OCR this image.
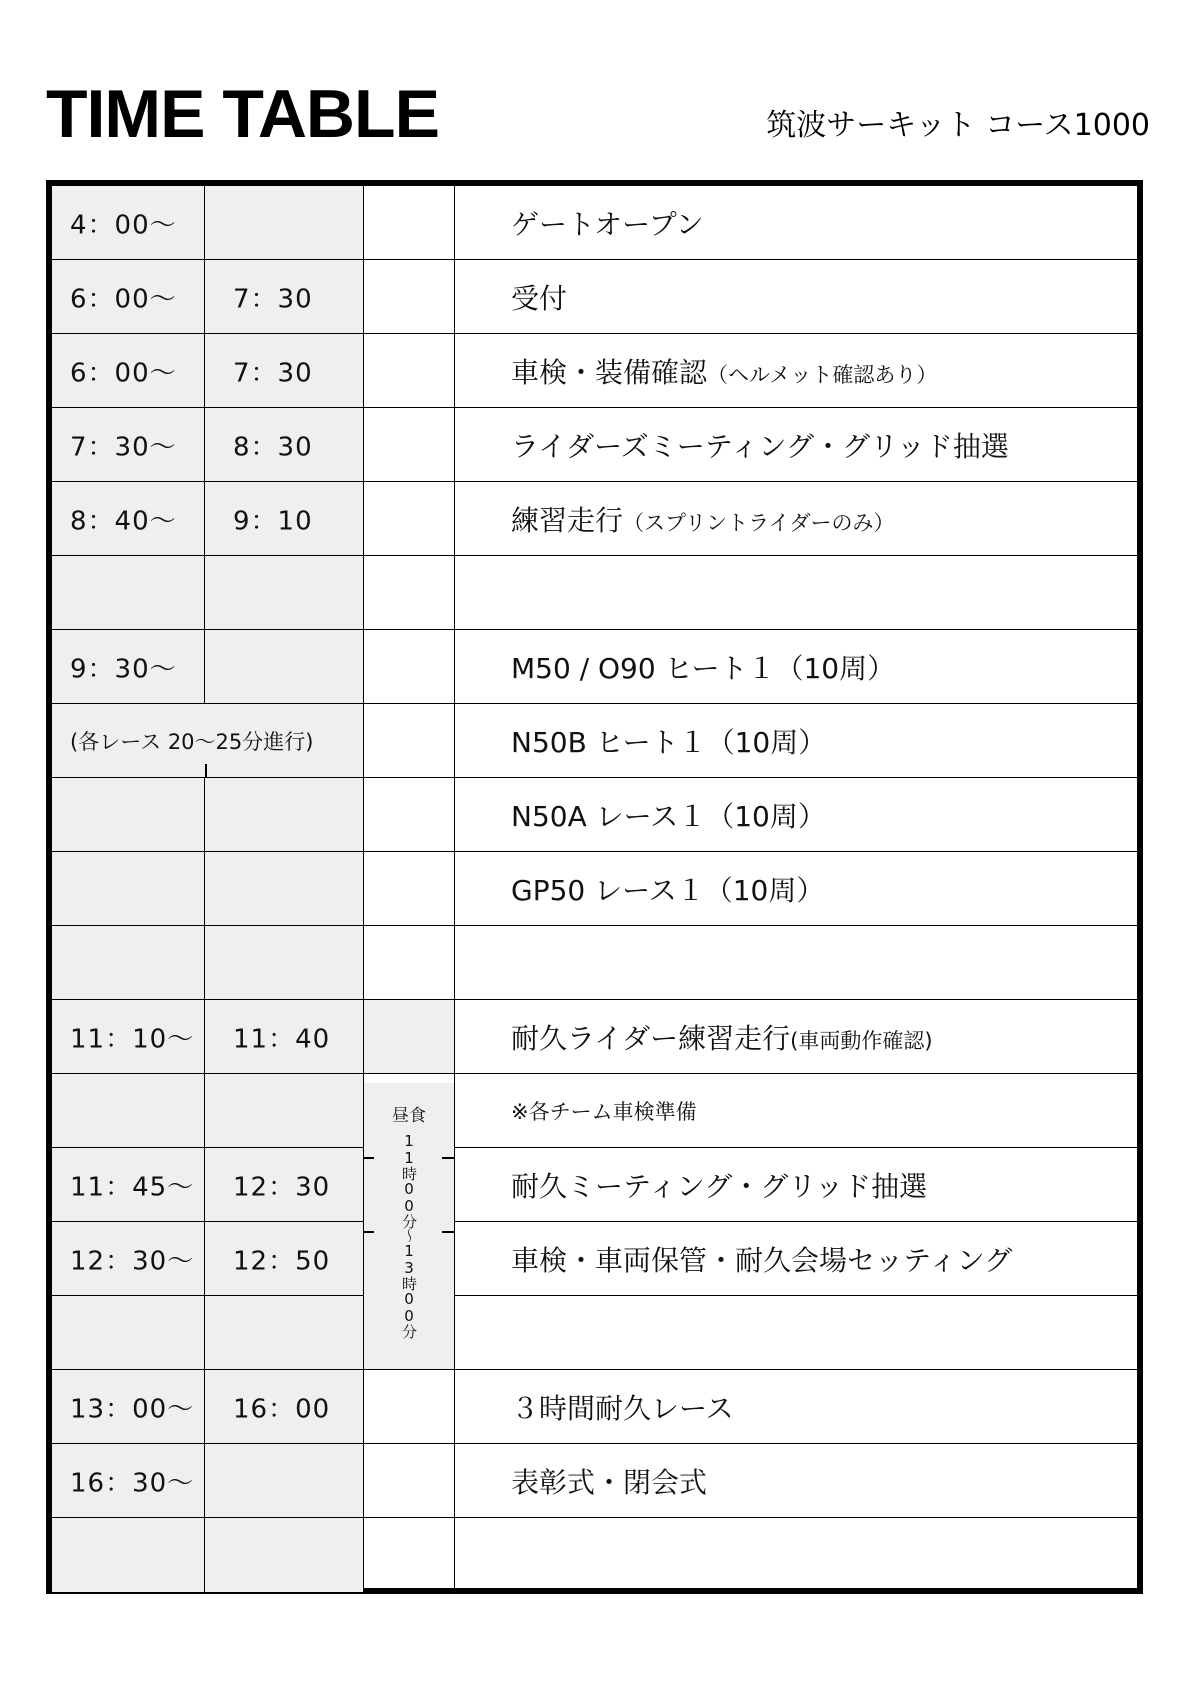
TIME TABLE	筑波サーキット コース1000
4：00〜	ゲートオープン
6：00〜 7：30	受付
6：00〜 7：30	車検・装備確認（ヘルメット確認あり）
7：30〜 8：30	ライダーズミーティング・グリッド抽選
8：40〜 9：10	練習走行（スプリントライダーのみ）
9：30〜	M50 / O90 ヒート１（10周）
(各レース 20〜25分進行)	N50B ヒート１（10周）
N50A レース１（10周）
GP50 レース１（10周）
11：10〜 11：40	耐久ライダー練習走行(車両動作確認)
※各チーム車検準備
11：45〜 12：30	耐久ミーティング・グリッド抽選
12：30〜 12：50	車検・車両保管・耐久会場セッティング
13：00〜 16：00	３時間耐久レース
16：30〜	表彰式・閉会式
昼食
11時00分〜13時00分
